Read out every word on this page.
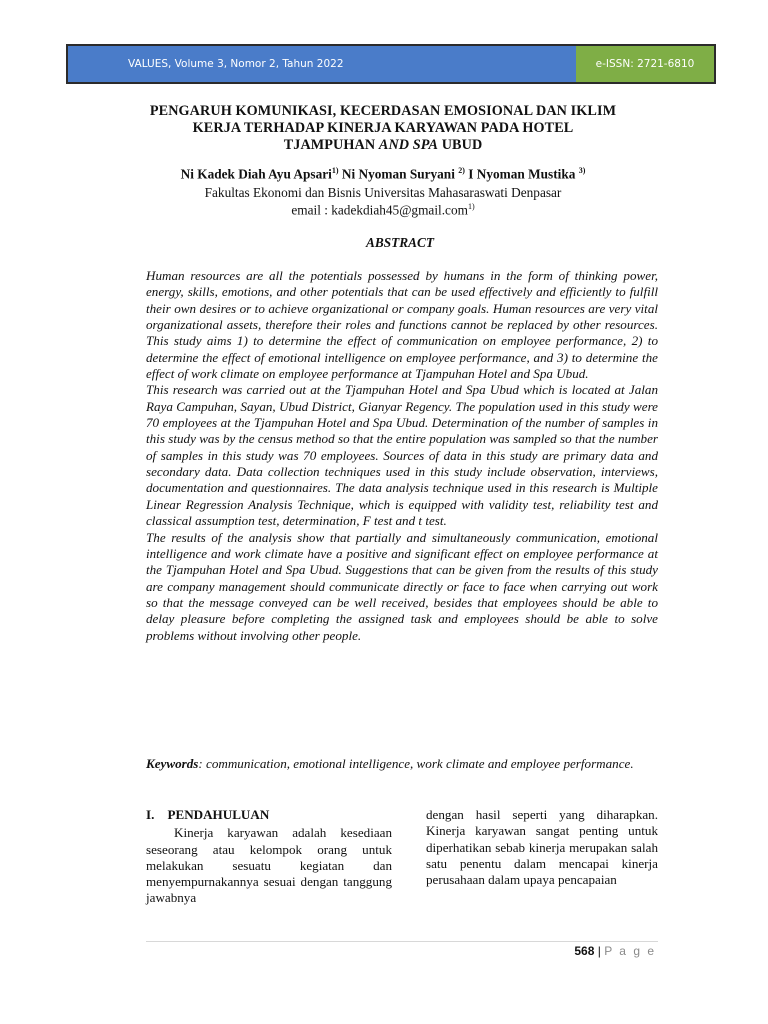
VALUES, Volume 3, Nomor 2, Tahun 2022	e-ISSN: 2721-6810
PENGARUH KOMUNIKASI, KECERDASAN EMOSIONAL DAN IKLIM
KERJA TERHADAP KINERJA KARYAWAN PADA HOTEL
TJAMPUHAN AND SPA UBUD
Ni Kadek Diah Ayu Apsari$^{1)}$ Ni Nyoman Suryani $^{2)}$ I Nyoman Mustika $^{3)}$
Fakultas Ekonomi dan Bisnis Universitas Mahasaraswati Denpasar
email : kadekdiah45@gmail.com$^{1)}$
ABSTRACT

Human resources are all the potentials possessed by humans in the form of thinking power, energy, skills, emotions, and other potentials that can be used effectively and efficiently to fulfill their own desires or to achieve organizational or company goals. Human resources are very vital organizational assets, therefore their roles and functions cannot be replaced by other resources. This study aims 1) to determine the effect of communication on employee performance, 2) to determine the effect of emotional intelligence on employee performance, and 3) to determine the effect of work climate on employee performance at Tjampuhan Hotel and Spa Ubud.

This research was carried out at the Tjampuhan Hotel and Spa Ubud which is located at Jalan Raya Campuhan, Sayan, Ubud District, Gianyar Regency. The population used in this study were 70 employees at the Tjampuhan Hotel and Spa Ubud. Determination of the number of samples in this study was by the census method so that the entire population was sampled so that the number of samples in this study was 70 employees. Sources of data in this study are primary data and secondary data. Data collection techniques used in this study include observation, interviews, documentation and questionnaires. The data analysis technique used in this research is Multiple Linear Regression Analysis Technique, which is equipped with validity test, reliability test and classical assumption test, determination, F test and t test.

The results of the analysis show that partially and simultaneously communication, emotional intelligence and work climate have a positive and significant effect on employee performance at the Tjampuhan Hotel and Spa Ubud. Suggestions that can be given from the results of this study are company management should communicate directly or face to face when carrying out work so that the message conveyed can be well received, besides that employees should be able to delay pleasure before completing the assigned task and employees should be able to solve problems without involving other people.

Keywords: communication, emotional intelligence, work climate and employee performance.
I.    PENDAHULUAN

Kinerja karyawan adalah kesediaan seseorang atau kelompok orang untuk melakukan sesuatu kegiatan dan menyempurnakannya sesuai dengan tanggung jawabnya

dengan hasil seperti yang diharapkan. Kinerja karyawan sangat penting untuk diperhatikan sebab kinerja merupakan salah satu penentu dalam mencapai kinerja perusahaan dalam upaya pencapaian

568 | P a g e
